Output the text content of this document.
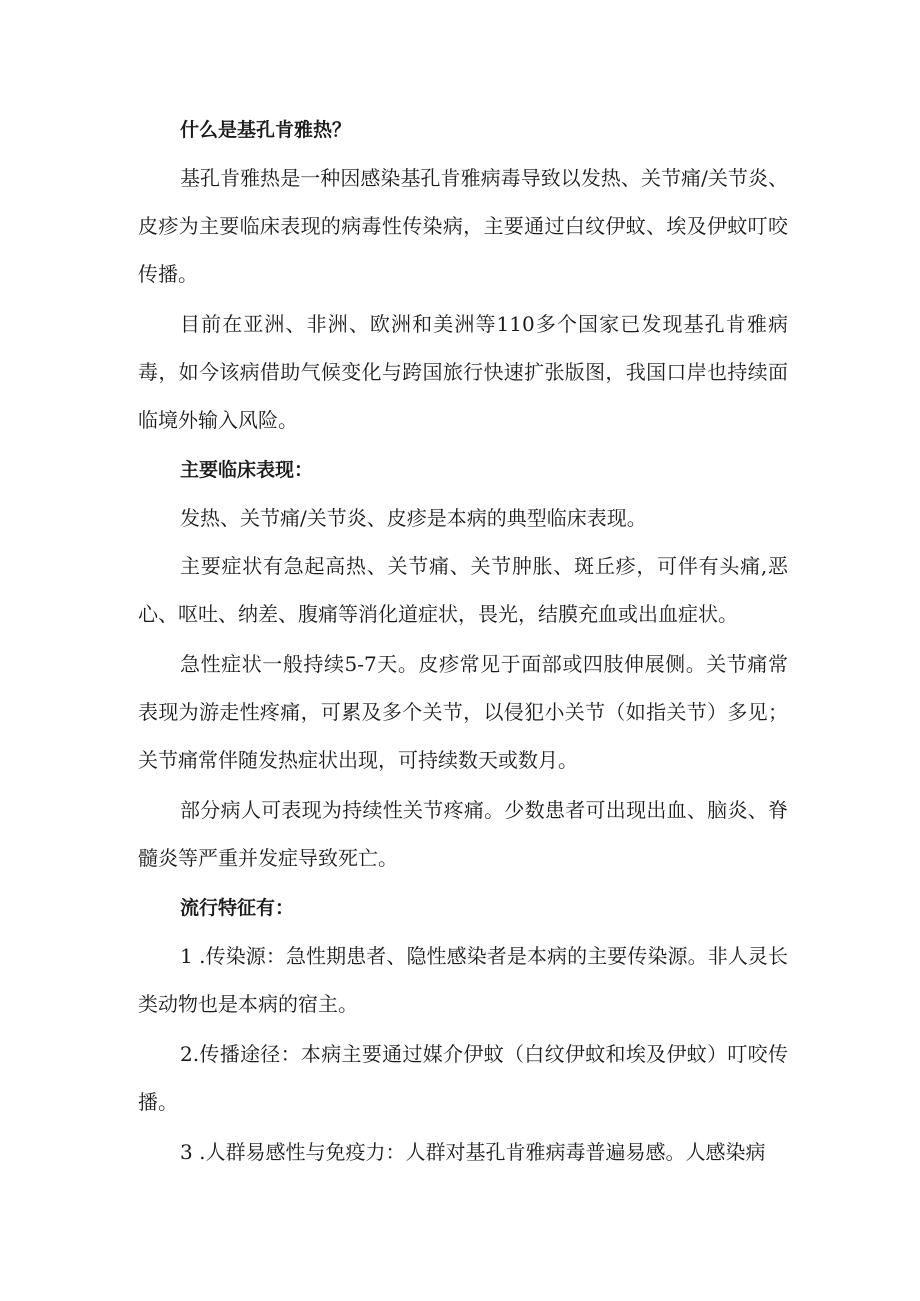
什么是基孔肯雅热？

基孔肯雅热是一种因感染基孔肯雅病毒导致以发热、关节痛/关节炎、皮疹为主要临床表现的病毒性传染病，主要通过白纹伊蚊、埃及伊蚊叮咬传播。

目前在亚洲、非洲、欧洲和美洲等110多个国家已发现基孔肯雅病毒，如今该病借助气候变化与跨国旅行快速扩张版图，我国口岸也持续面临境外输入风险。

主要临床表现：

发热、关节痛/关节炎、皮疹是本病的典型临床表现。

主要症状有急起高热、关节痛、关节肿胀、斑丘疹，可伴有头痛,恶心、呕吐、纳差、腹痛等消化道症状，畏光，结膜充血或出血症状。

急性症状一般持续5-7天。皮疹常见于面部或四肢伸展侧。关节痛常表现为游走性疼痛，可累及多个关节，以侵犯小关节（如指关节）多见；关节痛常伴随发热症状出现，可持续数天或数月。

部分病人可表现为持续性关节疼痛。少数患者可出现出血、脑炎、脊髓炎等严重并发症导致死亡。

流行特征有：

1 .传染源：急性期患者、隐性感染者是本病的主要传染源。非人灵长类动物也是本病的宿主。

2.传播途径：本病主要通过媒介伊蚊（白纹伊蚊和埃及伊蚊）叮咬传播。

3 .人群易感性与免疫力：人群对基孔肯雅病毒普遍易感。人感染病
